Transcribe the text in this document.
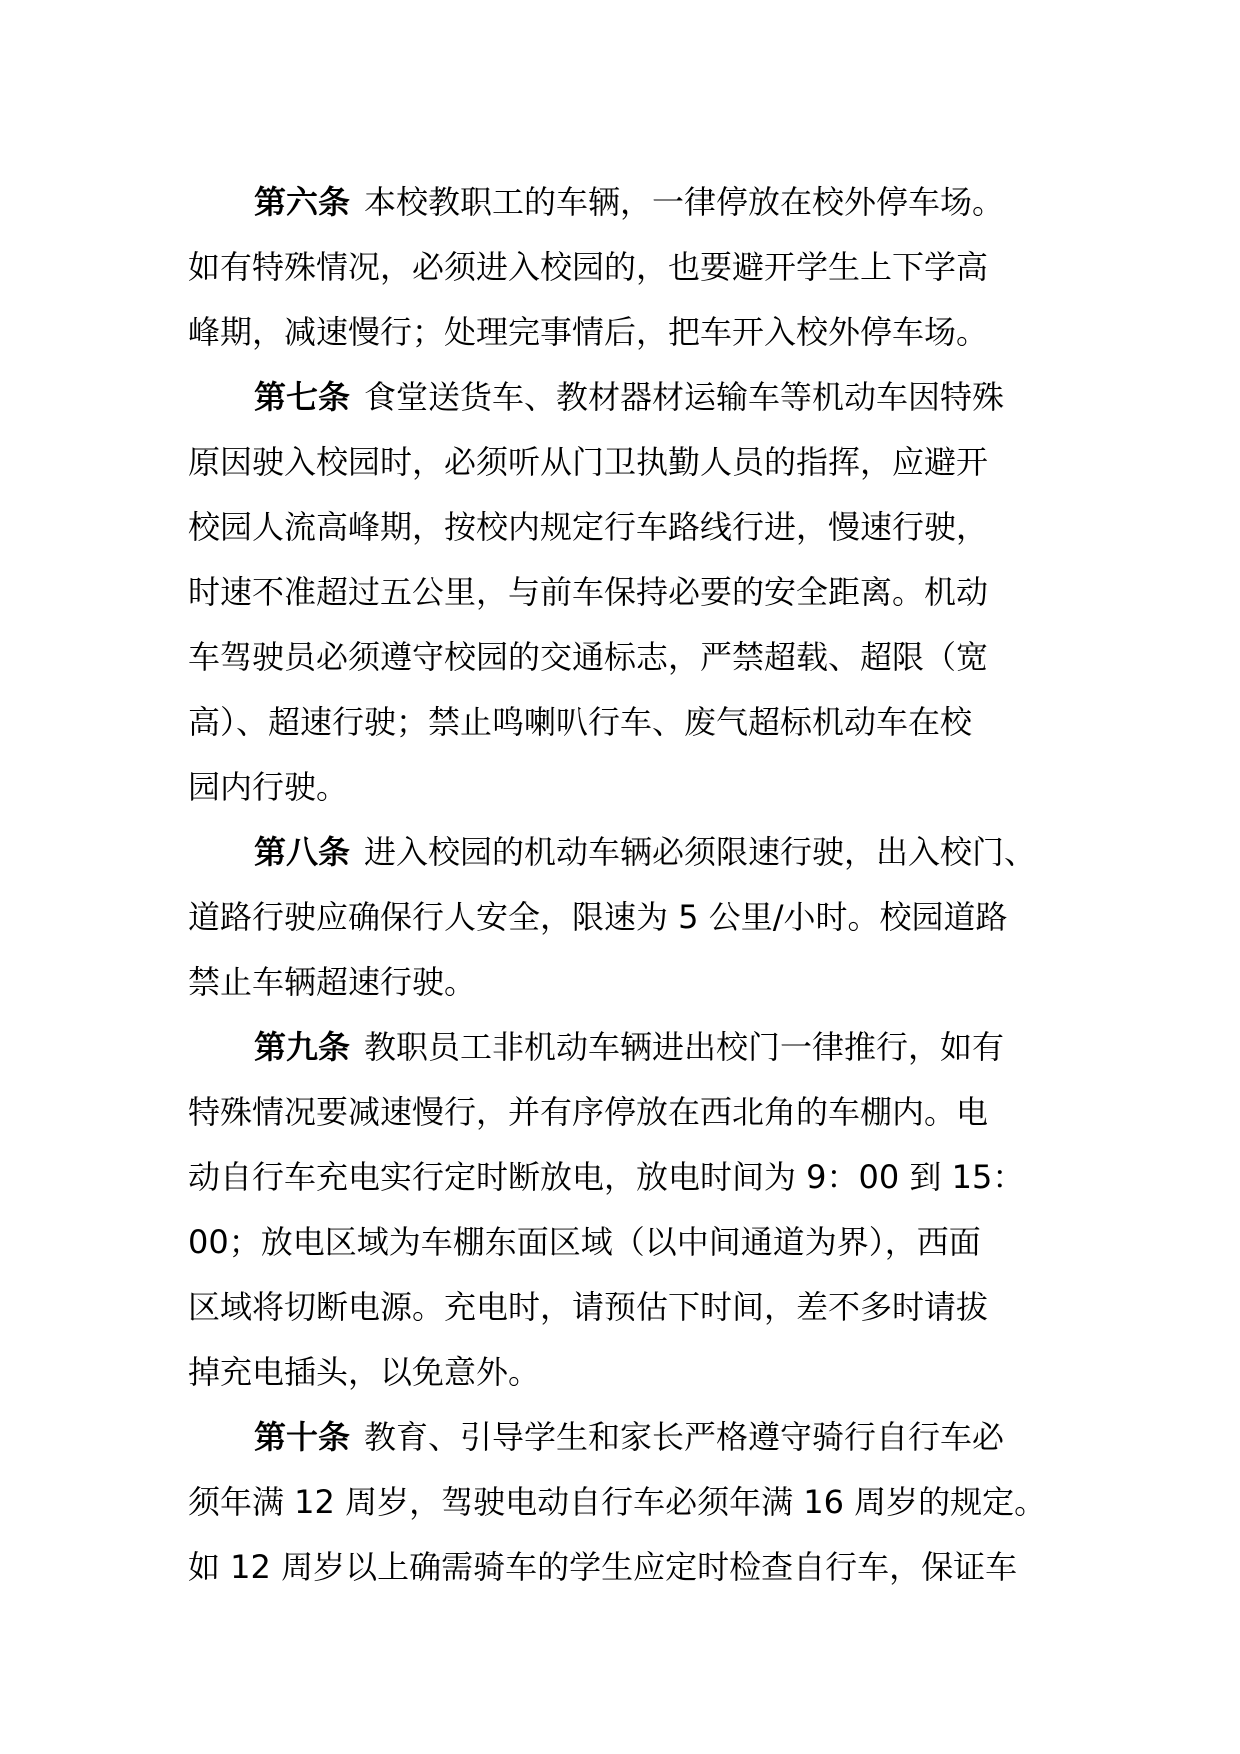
第六条 本校教职工的车辆，一律停放在校外停车场。
如有特殊情况，必须进入校园的，也要避开学生上下学高
峰期，减速慢行；处理完事情后，把车开入校外停车场。
第七条 食堂送货车、教材器材运输车等机动车因特殊
原因驶入校园时，必须听从门卫执勤人员的指挥，应避开
校园人流高峰期，按校内规定行车路线行进，慢速行驶，
时速不准超过五公里，与前车保持必要的安全距离。机动
车驾驶员必须遵守校园的交通标志，严禁超载、超限（宽
高）、超速行驶；禁止鸣喇叭行车、废气超标机动车在校
园内行驶。
第八条 进入校园的机动车辆必须限速行驶，出入校门、
道路行驶应确保行人安全，限速为 5 公里/小时。校园道路
禁止车辆超速行驶。
第九条 教职员工非机动车辆进出校门一律推行，如有
特殊情况要减速慢行，并有序停放在西北角的车棚内。电
动自行车充电实行定时断放电，放电时间为 9：00 到 15：
00；放电区域为车棚东面区域（以中间通道为界），西面
区域将切断电源。充电时，请预估下时间，差不多时请拔
掉充电插头，以免意外。
第十条 教育、引导学生和家长严格遵守骑行自行车必
须年满 12 周岁，驾驶电动自行车必须年满 16 周岁的规定。
如 12 周岁以上确需骑车的学生应定时检查自行车，保证车
